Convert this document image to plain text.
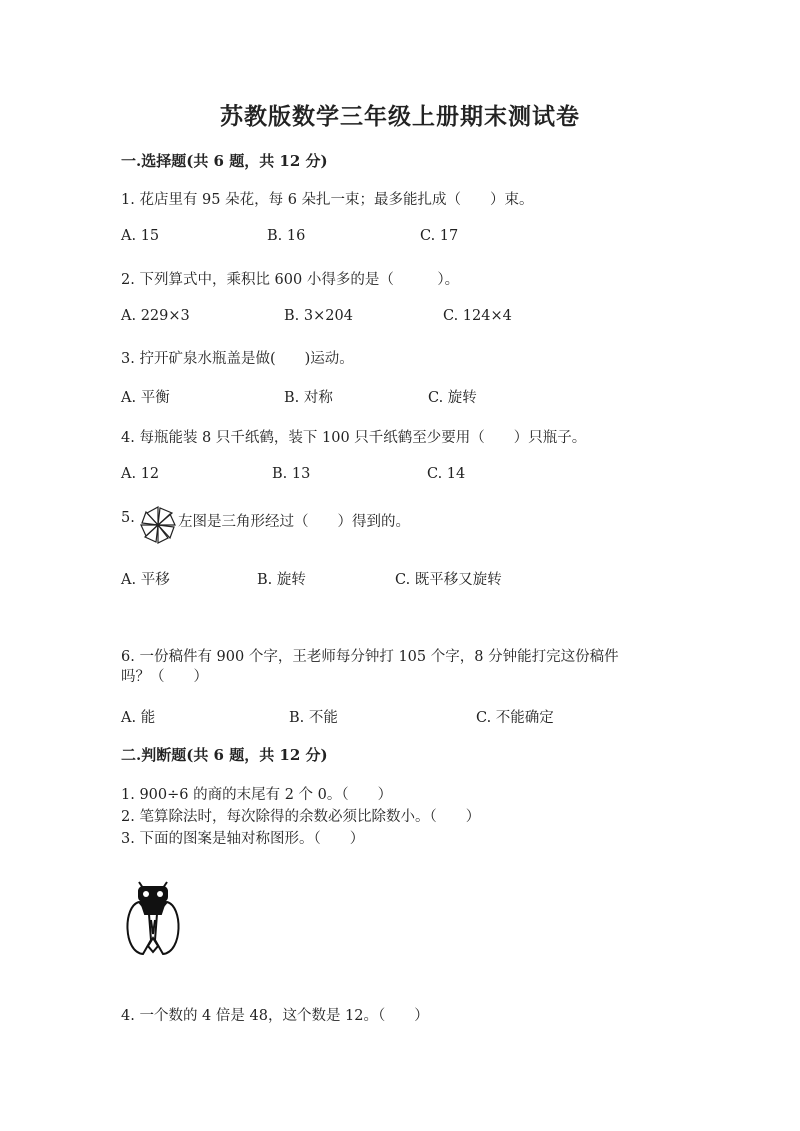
苏教版数学三年级上册期末测试卷
一.选择题(共 6 题，共 12 分)
1. 花店里有 95 朵花，每 6 朵扎一束；最多能扎成（　　）束。
A. 15	B. 16	C. 17
2. 下列算式中，乘积比 600 小得多的是（　　　）。
A. 229×3	B. 3×204	C. 124×4
3. 拧开矿泉水瓶盖是做(　　)运动。
A. 平衡	B. 对称	C. 旋转
4. 每瓶能装 8 只千纸鹤，装下 100 只千纸鹤至少要用（　　）只瓶子。
A. 12	B. 13	C. 14
5.	左图是三角形经过（　　）得到的。
A. 平移	B. 旋转	C. 既平移又旋转
6. 一份稿件有 900 个字，王老师每分钟打 105 个字，8 分钟能打完这份稿件
吗？（　　）
A. 能	B. 不能	C. 不能确定
二.判断题(共 6 题，共 12 分)
1. 900÷6 的商的末尾有 2 个 0。（　　）
2. 笔算除法时，每次除得的余数必须比除数小。（　　）
3. 下面的图案是轴对称图形。（　　）
4. 一个数的 4 倍是 48，这个数是 12。（　　）
